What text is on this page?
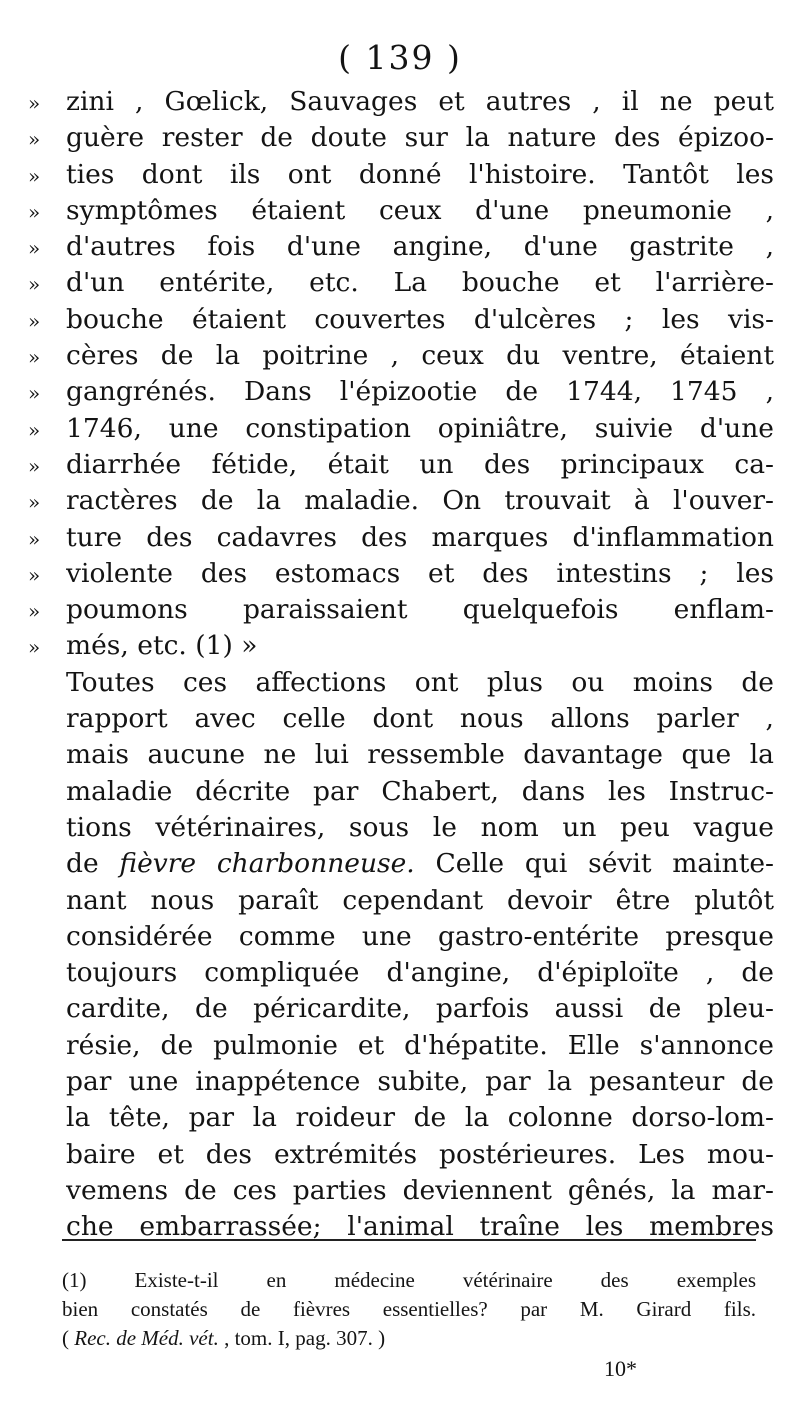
( 139 )
» zini , Gœlick, Sauvages et autres , il ne peut
» guère rester de doute sur la nature des épizoo-
» ties dont ils ont donné l'histoire. Tantôt les
» symptômes étaient ceux d'une pneumonie ,
» d'autres fois d'une angine, d'une gastrite ,
» d'un entérite, etc. La bouche et l'arrière-
» bouche étaient couvertes d'ulcères ; les vis-
» cères de la poitrine , ceux du ventre, étaient
» gangrénés. Dans l'épizootie de 1744, 1745 ,
» 1746, une constipation opiniâtre, suivie d'une
» diarrhée fétide, était un des principaux ca-
» ractères de la maladie. On trouvait à l'ouver-
» ture des cadavres des marques d'inflammation
» violente des estomacs et des intestins ; les
» poumons paraissaient quelquefois enflam-
» més, etc. (1) »
Toutes ces affections ont plus ou moins de
rapport avec celle dont nous allons parler ,
mais aucune ne lui ressemble davantage que la
maladie décrite par Chabert, dans les Instruc-
tions vétérinaires, sous le nom un peu vague
de fièvre charbonneuse. Celle qui sévit mainte-
nant nous paraît cependant devoir être plutôt
considérée comme une gastro-entérite presque
toujours compliquée d'angine, d'épiploïte , de
cardite, de péricardite, parfois aussi de pleu-
résie, de pulmonie et d'hépatite. Elle s'annonce
par une inappétence subite, par la pesanteur de
la tête, par la roideur de la colonne dorso-lom-
baire et des extrémités postérieures. Les mou-
vemens de ces parties deviennent gênés, la mar-
che embarrassée; l'animal traîne les membres
(1) Existe-t-il en médecine vétérinaire des exemples
bien constatés de fièvres essentielles? par M. Girard fils.
( Rec. de Méd. vét. , tom. I, pag. 307. )
10*
